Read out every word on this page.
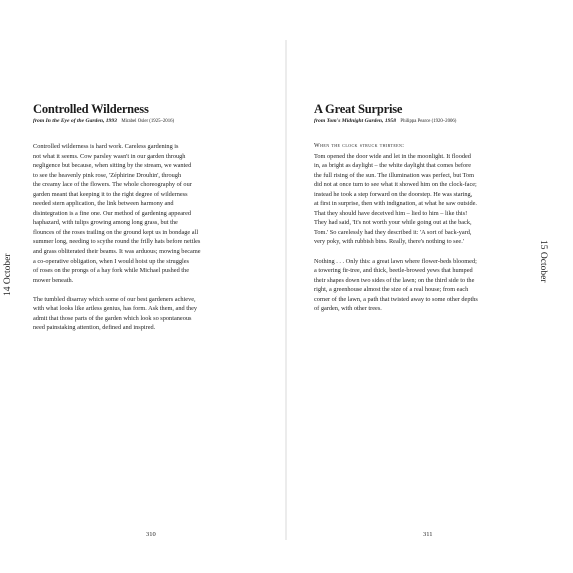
14 October
Controlled Wilderness
from In the Eye of the Garden, 1993 Mirabel Osler (1925–2016)
Controlled wilderness is hard work. Careless gardening is
not what it seems. Cow parsley wasn't in our garden through
negligence but because, when sitting by the stream, we wanted
to see the heavenly pink rose, 'Zéphirine Drouhin', through
the creamy lace of the flowers. The whole choreography of our
garden meant that keeping it to the right degree of wilderness
needed stern application, the link between harmony and
disintegration is a fine one. Our method of gardening appeared
haphazard, with tulips growing among long grass, but the
flounces of the roses trailing on the ground kept us in bondage all
summer long, needing to scythe round the frilly hats before nettles
and grass obliterated their beams. It was arduous; mowing became
a co-operative obligation, when I would hoist up the struggles
of roses on the prongs of a hay fork while Michael pushed the
mower beneath.
The tumbled disarray which some of our best gardeners achieve,
with what looks like artless genius, has form. Ask them, and they
admit that those parts of the garden which look so spontaneous
need painstaking attention, defined and inspired.
310
A Great Surprise
from Tom's Midnight Garden, 1958 Philippa Pearce (1920–2006)
When the clock struck thirteen:
Tom opened the door wide and let in the moonlight. It flooded
in, as bright as daylight – the white daylight that comes before
the full rising of the sun. The illumination was perfect, but Tom
did not at once turn to see what it showed him on the clock-face;
instead he took a step forward on the doorstep. He was staring,
at first in surprise, then with indignation, at what he saw outside.
That they should have deceived him – lied to him – like this!
They had said, 'It's not worth your while going out at the back,
Tom.' So carelessly had they described it: 'A sort of back-yard,
very poky, with rubbish bins. Really, there's nothing to see.'
Nothing . . . Only this: a great lawn where flower-beds bloomed;
a towering fir-tree, and thick, beetle-browed yews that humped
their shapes down two sides of the lawn; on the third side to the
right, a greenhouse almost the size of a real house; from each
corner of the lawn, a path that twisted away to some other depths
of garden, with other trees.
311
15 October
